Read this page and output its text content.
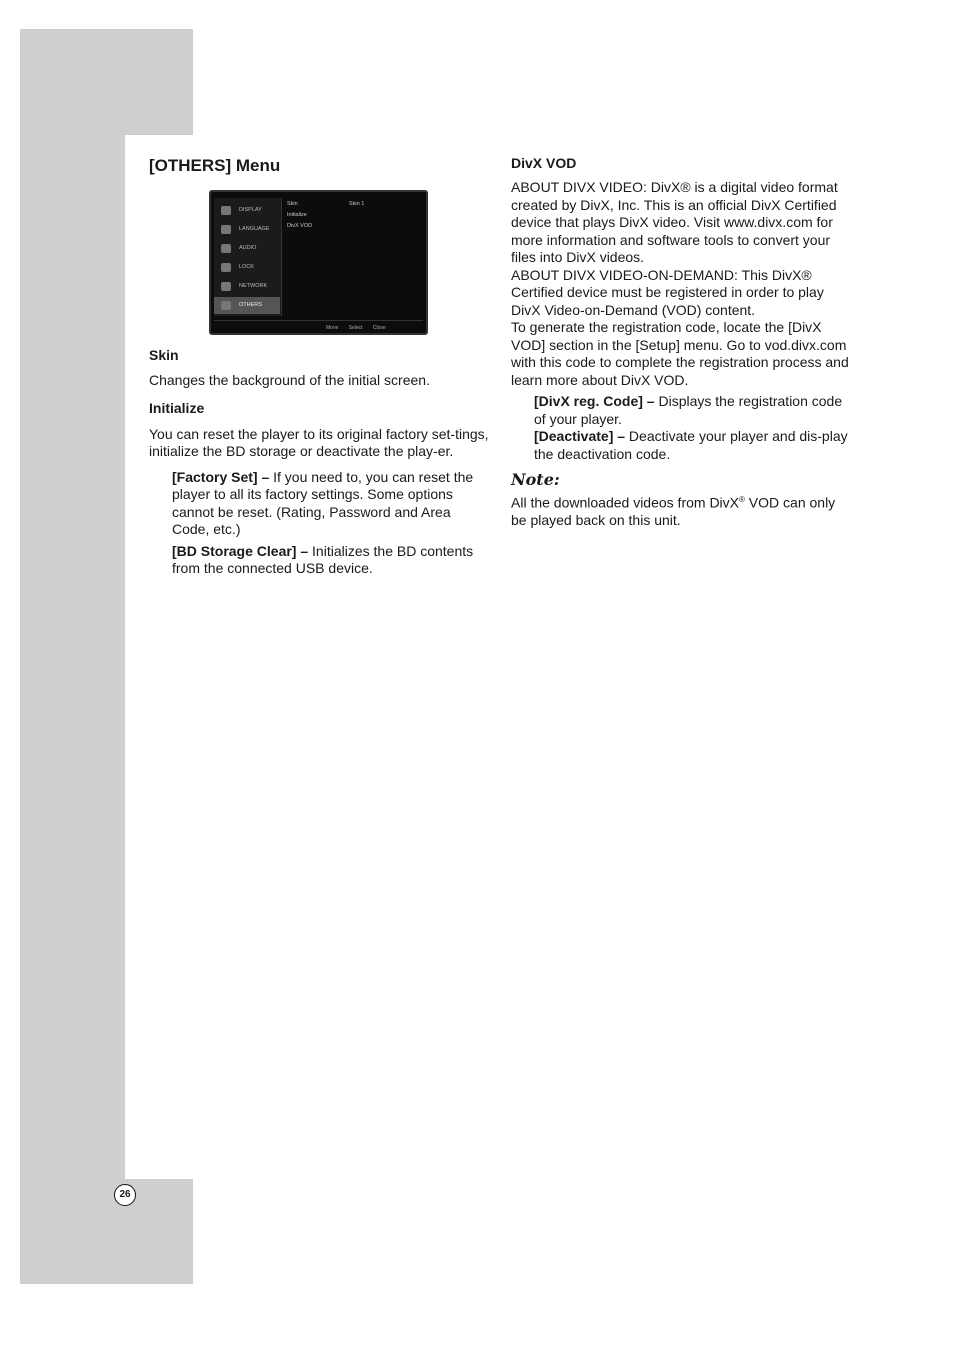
26
[OTHERS] Menu
DISPLAY
LANGUAGE
AUDIO
LOCK
NETWORK
OTHERS
Skin
Initialize
DivX VOD
Skin 1
Move Select Close
Skin

Changes the background of the initial screen.

Initialize

You can reset the player to its original factory set-tings, initialize the BD storage or deactivate the play-er.

[Factory Set] – If you need to, you can reset the player to all its factory settings. Some options cannot be reset. (Rating, Password and Area Code, etc.)

[BD Storage Clear] – Initializes the BD contents from the connected USB device.

DivX VOD

ABOUT DIVX VIDEO: DivX® is a digital video format created by DivX, Inc. This is an official DivX Certified device that plays DivX video. Visit www.divx.com for more information and software tools to convert your files into DivX videos.

ABOUT DIVX VIDEO-ON-DEMAND: This DivX® Certified device must be registered in order to play DivX Video-on-Demand (VOD) content.

To generate the registration code, locate the [DivX VOD] section in the [Setup] menu. Go to vod.divx.com with this code to complete the registration process and learn more about DivX VOD.

[DivX reg. Code] – Displays the registration code of your player.

[Deactivate] – Deactivate your player and dis-play the deactivation code.

Note:

All the downloaded videos from DivX® VOD can only be played back on this unit.
